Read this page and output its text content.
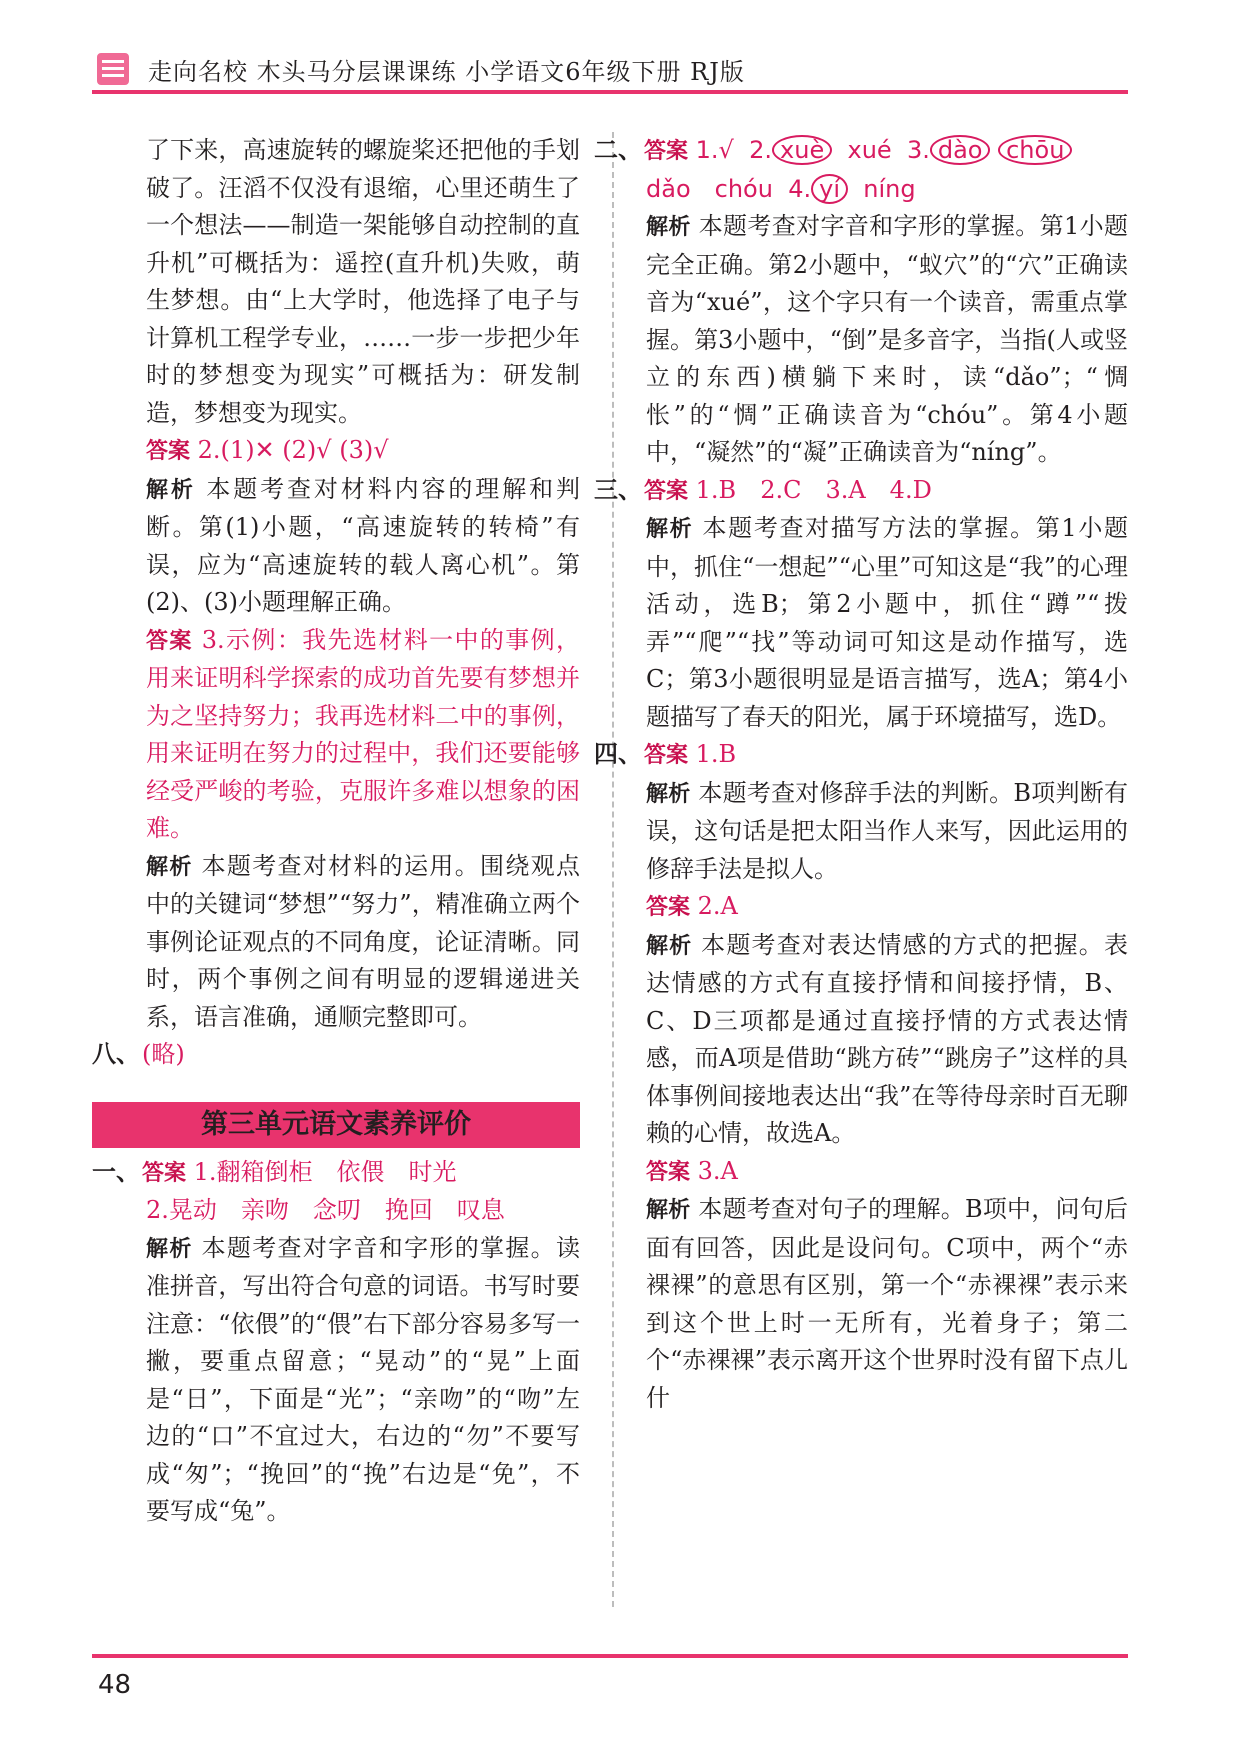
走向名校 木头马分层课课练 小学语文6年级下册 RJ版

了下来，高速旋转的螺旋桨还把他的手划破了。汪滔不仅没有退缩，心里还萌生了一个想法——制造一架能够自动控制的直升机”可概括为：遥控(直升机)失败，萌生梦想。由“上大学时，他选择了电子与计算机工程学专业，……一步一步把少年时的梦想变为现实”可概括为：研发制造，梦想变为现实。

答案 2.(1)✕ (2)√ (3)√

解析 本题考查对材料内容的理解和判断。第(1)小题，“高速旋转的转椅”有误，应为“高速旋转的载人离心机”。第(2)、(3)小题理解正确。

答案 3.示例：我先选材料一中的事例，用来证明科学探索的成功首先要有梦想并为之坚持努力；我再选材料二中的事例，用来证明在努力的过程中，我们还要能够经受严峻的考验，克服许多难以想象的困难。

解析 本题考查对材料的运用。围绕观点中的关键词“梦想”“努力”，精准确立两个事例论证观点的不同角度，论证清晰。同时，两个事例之间有明显的逻辑递进关系，语言准确，通顺完整即可。

八、(略)

第三单元语文素养评价

一、答案 1.翻箱倒柜　依偎　时光

2.晃动　亲吻　念叨　挽回　叹息

解析 本题考查对字音和字形的掌握。读准拼音，写出符合句意的词语。书写时要注意：“依偎”的“偎”右下部分容易多写一撇，要重点留意；“晃动”的“晃”上面是“日”，下面是“光”；“亲吻”的“吻”左边的“口”不宜过大，右边的“勿”不要写成“匆”；“挽回”的“挽”右边是“免”，不要写成“兔”。

二、答案 1.√ 2. xuè xué 3. dào chōu

dǎo　chóu 4. yí níng

解析 本题考查对字音和字形的掌握。第1小题完全正确。第2小题中，“蚁穴”的“穴”正确读音为“xué”，这个字只有一个读音，需重点掌握。第3小题中，“倒”是多音字，当指(人或竖立的东西)横躺下来时，读“dǎo”；“惆怅”的“惆”正确读音为“chóu”。第4小题中，“凝然”的“凝”正确读音为“níng”。

三、答案 1.B　2.C　3.A　4.D

解析 本题考查对描写方法的掌握。第1小题中，抓住“一想起”“心里”可知这是“我”的心理活动，选B；第2小题中，抓住“蹲”“拨弄”“爬”“找”等动词可知这是动作描写，选C；第3小题很明显是语言描写，选A；第4小题描写了春天的阳光，属于环境描写，选D。

四、答案 1.B

解析 本题考查对修辞手法的判断。B项判断有误，这句话是把太阳当作人来写，因此运用的修辞手法是拟人。

答案 2.A

解析 本题考查对表达情感的方式的把握。表达情感的方式有直接抒情和间接抒情，B、C、D三项都是通过直接抒情的方式表达情感，而A项是借助“跳方砖”“跳房子”这样的具体事例间接地表达出“我”在等待母亲时百无聊赖的心情，故选A。

答案 3.A

解析 本题考查对句子的理解。B项中，问句后面有回答，因此是设问句。C项中，两个“赤裸裸”的意思有区别，第一个“赤裸裸”表示来到这个世上时一无所有，光着身子；第二个“赤裸裸”表示离开这个世界时没有留下点儿什

48
